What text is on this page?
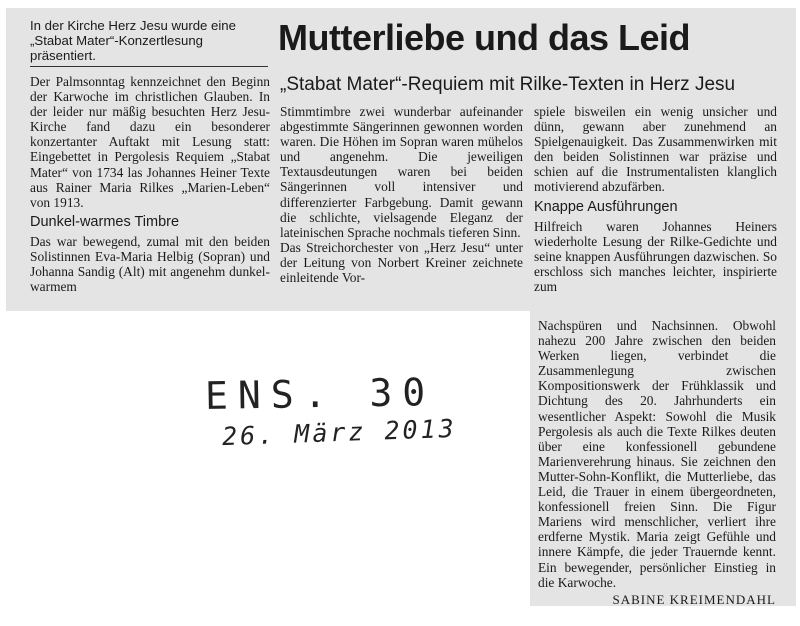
In der Kirche Herz Jesu wurde eine „Stabat Mater“-Konzertlesung präsentiert.	Mutterliebe und das Leid
„Stabat Mater“-Requiem mit Rilke-Texten in Herz Jesu

Der Palmsonntag kennzeichnet den Beginn der Karwoche im christlichen Glauben. In der leider nur mäßig besuchten Herz Jesu-Kirche fand dazu ein besonderer konzertanter Auftakt mit Lesung statt: Eingebettet in Pergolesis Requiem „Stabat Mater“ von 1734 las Johannes Heiner Texte aus Rainer Maria Rilkes „Marien-Leben“ von 1913.

Dunkel-warmes Timbre

Das war bewegend, zumal mit den beiden Solistinnen Eva-Maria Helbig (Sopran) und Johanna Sandig (Alt) mit angenehm dunkel-warmem

Stimmtimbre zwei wunderbar aufeinander abgestimmte Sängerinnen gewonnen worden waren. Die Höhen im Sopran waren mühelos und angenehm. Die jeweiligen Textausdeutungen waren bei beiden Sängerinnen voll intensiver und differenzierter Farbgebung. Damit gewann die schlichte, vielsagende Eleganz der lateinischen Sprache nochmals tieferen Sinn.

Das Streichorchester von „Herz Jesu“ unter der Leitung von Norbert Kreiner zeichnete einleitende Vor-

spiele bisweilen ein wenig unsicher und dünn, gewann aber zunehmend an Spielgenauigkeit. Das Zusammenwirken mit den beiden Solistinnen war präzise und schien auf die Instrumentalisten klanglich motivierend abzufärben.

Knappe Ausführungen

Hilfreich waren Johannes Heiners wiederholte Lesung der Rilke-Gedichte und seine knappen Ausführungen dazwischen. So erschloss sich manches leichter, inspirierte zum

Nachspüren und Nachsinnen. Obwohl nahezu 200 Jahre zwischen den beiden Werken liegen, verbindet die Zusammenlegung zwischen Kompositionswerk der Frühklassik und Dichtung des 20. Jahrhunderts ein wesentlicher Aspekt: Sowohl die Musik Pergolesis als auch die Texte Rilkes deuten über eine konfessionell gebundene Marienverehrung hinaus. Sie zeichnen den Mutter-Sohn-Konflikt, die Mutterliebe, das Leid, die Trauer in einem übergeordneten, konfessionell freien Sinn. Die Figur Mariens wird menschlicher, verliert ihre erdferne Mystik. Maria zeigt Gefühle und innere Kämpfe, die jeder Trauernde kennt. Ein bewegender, persönlicher Einstieg in die Karwoche.

SABINE KREIMENDAHL
ENS. 30
26. März 2013
